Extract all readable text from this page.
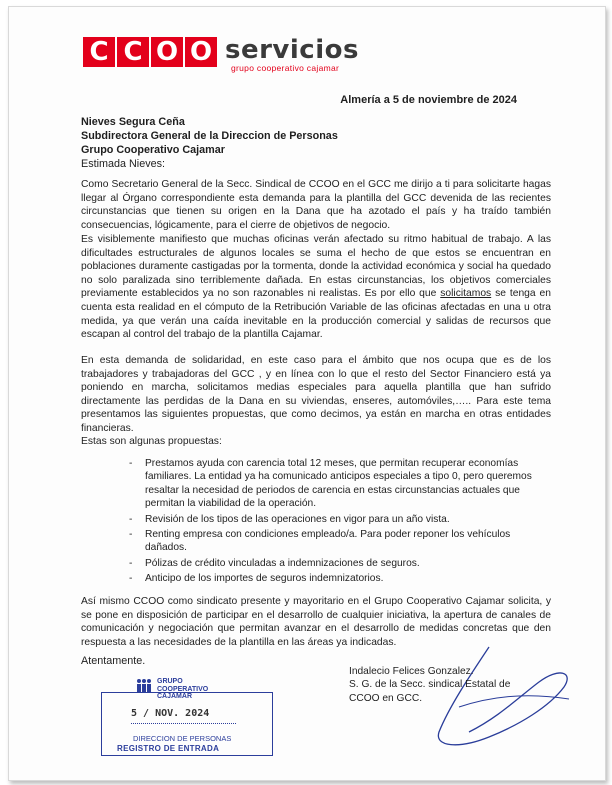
C C O O servicios
grupo cooperativo cajamar
Almería a 5 de noviembre de 2024
Nieves Segura Ceña
Subdirectora General de la Direccion de Personas
Grupo Cooperativo Cajamar
Estimada Nieves:
Como Secretario General de la Secc. Sindical de CCOO en el GCC me dirijo a ti para solicitarte hagas llegar al Órgano correspondiente esta demanda para la plantilla del GCC devenida de las recientes circunstancias que tienen su origen en la Dana que ha azotado el país y ha traído también consecuencias, lógicamente, para el cierre de objetivos de negocio.
Es visiblemente manifiesto que muchas oficinas verán afectado su ritmo habitual de trabajo. A las dificultades estructurales de algunos locales se suma el hecho de que estos se encuentran en poblaciones duramente castigadas por la tormenta, donde la actividad económica y social ha quedado no solo paralizada sino terriblemente dañada. En estas circunstancias, los objetivos comerciales previamente establecidos ya no son razonables ni realistas. Es por ello que solicitamos se tenga en cuenta esta realidad en el cómputo de la Retribución Variable de las oficinas afectadas en una u otra medida, ya que verán una caída inevitable en la producción comercial y salidas de recursos que escapan al control del trabajo de la plantilla Cajamar.
En esta demanda de solidaridad, en este caso para el ámbito que nos ocupa que es de los trabajadores y trabajadoras del GCC , y en línea con lo que el resto del Sector Financiero está ya poniendo en marcha, solicitamos medias especiales para aquella plantilla que han sufrido directamente las perdidas de la Dana en su viviendas, enseres, automóviles,….. Para este tema presentamos las siguientes propuestas, que como decimos, ya están en marcha en otras entidades financieras.
Estas son algunas propuestas:
- Prestamos ayuda con carencia total 12 meses, que permitan recuperar economías familiares. La entidad ya ha comunicado anticipos especiales a tipo 0, pero queremos resaltar la necesidad de periodos de carencia en estas circunstancias actuales que permitan la viabilidad de la operación.
- Revisión de los tipos de las operaciones en vigor para un año vista.
- Renting empresa con condiciones empleado/a. Para poder reponer los vehículos dañados.
- Pólizas de crédito vinculadas a indemnizaciones de seguros.
- Anticipo de los importes de seguros indemnizatorios.
Así mismo CCOO como sindicato presente y mayoritario en el Grupo Cooperativo Cajamar solicita, y se pone en disposición de participar en el desarrollo de cualquier iniciativa, la apertura de canales de comunicación y negociación que permitan avanzar en el desarrollo de medidas concretas que den respuesta a las necesidades de la plantilla en las áreas ya indicadas.
Atentamente.
GRUPO
COOPERATIVO
CAJAMAR
5 / NOV. 2024
DIRECCION DE PERSONAS
REGISTRO DE ENTRADA
Indalecio Felices Gonzalez.
S. G. de la Secc. sindical Estatal de
CCOO en GCC.
